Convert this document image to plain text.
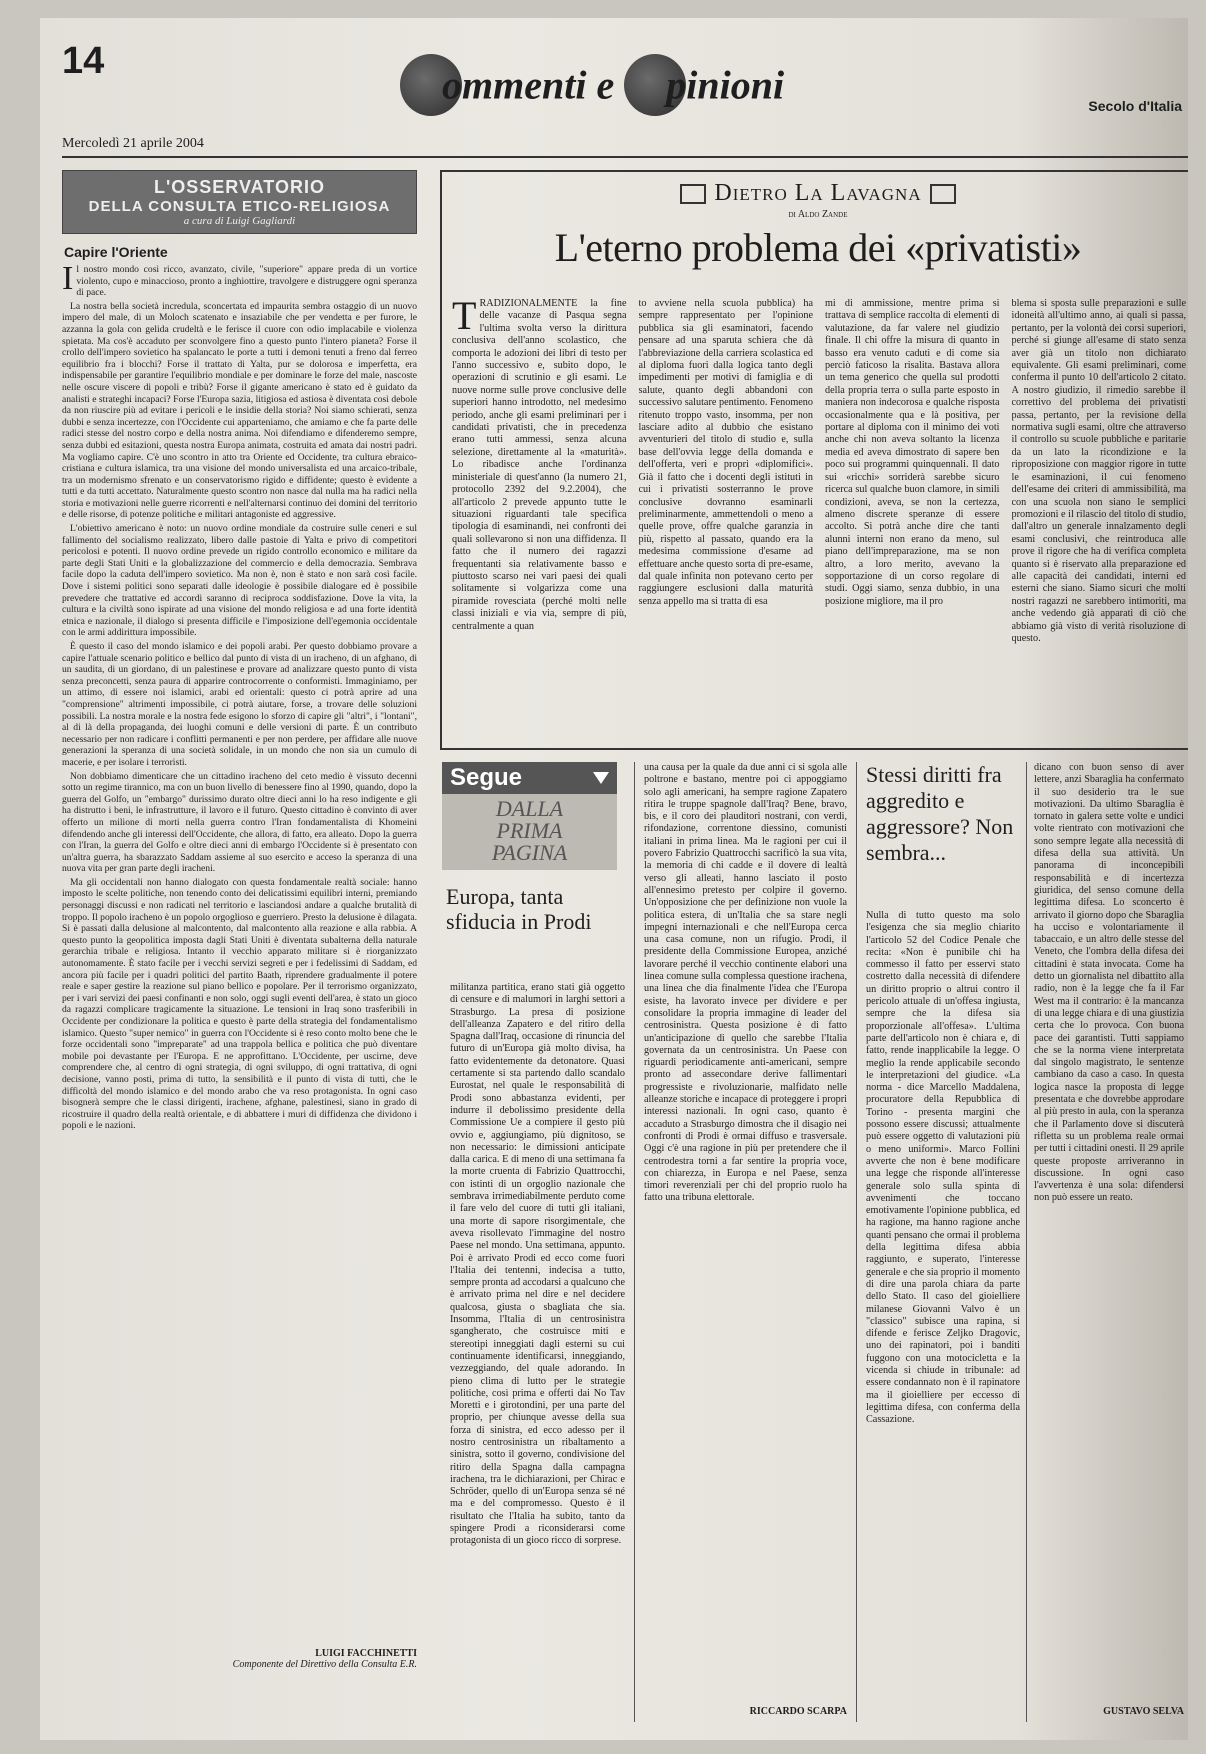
14
ommenti e pinioni
Mercoledì 21 aprile 2004
Secolo d'Italia
L'OSSERVATORIO
DELLA CONSULTA ETICO-RELIGIOSA
a cura di Luigi Gagliardi
Capire l'Oriente

Il nostro mondo così ricco, avanzato, civile, "superiore" appare preda di un vortice violento, cupo e minaccioso, pronto a inghiottire, travolgere e distruggere ogni speranza di pace.

La nostra bella società incredula, sconcertata ed impaurita sembra ostaggio di un nuovo impero del male, di un Moloch scatenato e insaziabile che per vendetta e per furore, le azzanna la gola con gelida crudeltà e le ferisce il cuore con odio implacabile e violenza spietata. Ma cos'è accaduto per sconvolgere fino a questo punto l'intero pianeta? Forse il crollo dell'impero sovietico ha spalancato le porte a tutti i demoni tenuti a freno dal ferreo equilibrio fra i blocchi? Forse il trattato di Yalta, pur se dolorosa e imperfetta, era indispensabile per garantire l'equilibrio mondiale e per dominare le forze del male, nascoste nelle oscure viscere di popoli e tribù? Forse il gigante americano è stato ed è guidato da analisti e strateghi incapaci? Forse l'Europa sazia, litigiosa ed astiosa è diventata così debole da non riuscire più ad evitare i pericoli e le insidie della storia? Noi siamo schierati, senza dubbi e senza incertezze, con l'Occidente cui apparteniamo, che amiamo e che fa parte delle radici stesse del nostro corpo e della nostra anima. Noi difendiamo e difenderemo sempre, senza dubbi ed esitazioni, questa nostra Europa animata, costruita ed amata dai nostri padri. Ma vogliamo capire. C'è uno scontro in atto tra Oriente ed Occidente, tra cultura ebraico-cristiana e cultura islamica, tra una visione del mondo universalista ed una arcaico-tribale, tra un modernismo sfrenato e un conservatorismo rigido e diffidente; questo è evidente a tutti e da tutti accettato. Naturalmente questo scontro non nasce dal nulla ma ha radici nella storia e motivazioni nelle guerre ricorrenti e nell'alternarsi continuo dei domini del territorio e delle risorse, di potenze politiche e militari antagoniste ed aggressive.

L'obiettivo americano è noto: un nuovo ordine mondiale da costruire sulle ceneri e sul fallimento del socialismo realizzato, libero dalle pastoie di Yalta e privo di competitori pericolosi e potenti. Il nuovo ordine prevede un rigido controllo economico e militare da parte degli Stati Uniti e la globalizzazione del commercio e della democrazia. Sembrava facile dopo la caduta dell'impero sovietico. Ma non è, non è stato e non sarà così facile. Dove i sistemi politici sono separati dalle ideologie è possibile dialogare ed è possibile prevedere che trattative ed accordi saranno di reciproca soddisfazione. Dove la vita, la cultura e la civiltà sono ispirate ad una visione del mondo religiosa e ad una forte identità etnica e nazionale, il dialogo si presenta difficile e l'imposizione dell'egemonia occidentale con le armi addirittura impossibile.

È questo il caso del mondo islamico e dei popoli arabi. Per questo dobbiamo provare a capire l'attuale scenario politico e bellico dal punto di vista di un iracheno, di un afghano, di un saudita, di un giordano, di un palestinese e provare ad analizzare questo punto di vista senza preconcetti, senza paura di apparire controcorrente o conformisti. Immaginiamo, per un attimo, di essere noi islamici, arabi ed orientali: questo ci potrà aprire ad una "comprensione" altrimenti impossibile, ci potrà aiutare, forse, a trovare delle soluzioni possibili. La nostra morale e la nostra fede esigono lo sforzo di capire gli "altri", i "lontani", al di là della propaganda, dei luoghi comuni e delle versioni di parte. È un contributo necessario per non radicare i conflitti permanenti e per non perdere, per affidare alle nuove generazioni la speranza di una società solidale, in un mondo che non sia un cumulo di macerie, e per isolare i terroristi.

Non dobbiamo dimenticare che un cittadino iracheno del ceto medio è vissuto decenni sotto un regime tirannico, ma con un buon livello di benessere fino al 1990, quando, dopo la guerra del Golfo, un "embargo" durissimo durato oltre dieci anni lo ha reso indigente e gli ha distrutto i beni, le infrastrutture, il lavoro e il futuro. Questo cittadino è convinto di aver offerto un milione di morti nella guerra contro l'Iran fondamentalista di Khomeini difendendo anche gli interessi dell'Occidente, che allora, di fatto, era alleato. Dopo la guerra con l'Iran, la guerra del Golfo e oltre dieci anni di embargo l'Occidente si è presentato con un'altra guerra, ha sbarazzato Saddam assieme al suo esercito e acceso la speranza di una nuova vita per gran parte degli iracheni.

Ma gli occidentali non hanno dialogato con questa fondamentale realtà sociale: hanno imposto le scelte politiche, non tenendo conto dei delicatissimi equilibri interni, premiando personaggi discussi e non radicati nel territorio e lasciandosi andare a qualche brutalità di troppo. Il popolo iracheno è un popolo orgoglioso e guerriero. Presto la delusione è dilagata. Si è passati dalla delusione al malcontento, dal malcontento alla reazione e alla rabbia. A questo punto la geopolitica imposta dagli Stati Uniti è diventata subalterna della naturale gerarchia tribale e religiosa. Intanto il vecchio apparato militare si è riorganizzato autonomamente. È stato facile per i vecchi servizi segreti e per i fedelissimi di Saddam, ed ancora più facile per i quadri politici del partito Baath, riprendere gradualmente il potere reale e saper gestire la reazione sul piano bellico e popolare. Per il terrorismo organizzato, per i vari servizi dei paesi confinanti e non solo, oggi sugli eventi dell'area, è stato un gioco da ragazzi complicare tragicamente la situazione. Le tensioni in Iraq sono trasferibili in Occidente per condizionare la politica e questo è parte della strategia del fondamentalismo islamico. Questo "super nemico" in guerra con l'Occidente si è reso conto molto bene che le forze occidentali sono "impreparate" ad una trappola bellica e politica che può diventare mobile poi devastante per l'Europa. E ne approfittano. L'Occidente, per uscirne, deve comprendere che, al centro di ogni strategia, di ogni sviluppo, di ogni trattativa, di ogni decisione, vanno posti, prima di tutto, la sensibilità e il punto di vista di tutti, che le difficoltà del mondo islamico e del mondo arabo che va reso protagonista. In ogni caso bisognerà sempre che le classi dirigenti, irachene, afghane, palestinesi, siano in grado di ricostruire il quadro della realtà orientale, e di abbattere i muri di diffidenza che dividono i popoli e le nazioni.

LUIGI FACCHINETTI
Componente del Direttivo della Consulta E.R.
Dietro La Lavagna
di Aldo Zande
L'eterno problema dei «privatisti»
TRADIZIONALMENTE la fine delle vacanze di Pasqua segna l'ultima svolta verso la dirittura conclusiva dell'anno scolastico, che comporta le adozioni dei libri di testo per l'anno successivo e, subito dopo, le operazioni di scrutinio e gli esami. Le nuove norme sulle prove conclusive delle superiori hanno introdotto, nel medesimo periodo, anche gli esami preliminari per i candidati privatisti, che in precedenza erano tutti ammessi, senza alcuna selezione, direttamente al la «maturità». Lo ribadisce anche l'ordinanza ministeriale di quest'anno (la numero 21, protocollo 2392 del 9.2.2004), che all'articolo 2 prevede appunto tutte le situazioni riguardanti tale specifica tipologia di esaminandi, nei confronti dei quali sollevarono sì non una diffidenza. Il fatto che il numero dei ragazzi frequentanti sia relativamente basso e piuttosto scarso nei vari paesi dei quali solitamente si volgarizza come una piramide rovesciata (perché molti nelle classi iniziali e via via, sempre di più, centralmente a quan
to avviene nella scuola pubblica) ha sempre rappresentato per l'opinione pubblica sia gli esaminatori, facendo pensare ad una sparuta schiera che dà l'abbreviazione della carriera scolastica ed al diploma fuori dalla logica tanto degli impedimenti per motivi di famiglia e di salute, quanto degli abbandoni con successivo salutare pentimento. Fenomeno ritenuto troppo vasto, insomma, per non lasciare adito al dubbio che esistano avventurieri del titolo di studio e, sulla base dell'ovvia legge della domanda e dell'offerta, veri e propri «diplomifici». Già il fatto che i docenti degli istituti in cui i privatisti sosterranno le prove conclusive dovranno esaminarli preliminarmente, ammettendoli o meno a quelle prove, offre qualche garanzia in più, rispetto al passato, quando era la medesima commissione d'esame ad effettuare anche questo sorta di pre-esame, dal quale infinita non potevano certo per raggiungere esclusioni dalla maturità senza appello ma si tratta di esa
mi di ammissione, mentre prima si trattava di semplice raccolta di elementi di valutazione, da far valere nel giudizio finale. Il chi offre la misura di quanto in basso era venuto cadutì e di come sia perciò faticoso la risalita. Bastava allora un tema generico che quella sul prodotti della propria terra o sulla parte esposto in maniera non indecorosa e qualche risposta occasionalmente qua e là positiva, per portare al diploma con il minimo dei voti anche chi non aveva soltanto la licenza media ed aveva dimostrato di sapere ben poco sui programmi quinquennali. Il dato sui «ricchi» sorriderà sarebbe sicuro ricerca sul qualche buon clamore, in simili condizioni, aveva, se non la certezza, almeno discrete speranze di essere accolto. Si potrà anche dire che tanti alunni interni non erano da meno, sul piano dell'impreparazione, ma se non altro, a loro merito, avevano la sopportazione di un corso regolare di studi. Oggi siamo, senza dubbio, in una posizione migliore, ma il pro
blema si sposta sulle preparazioni e sulle idoneità all'ultimo anno, ai quali si passa, pertanto, per la volontà dei corsi superiori, perché si giunge all'esame di stato senza aver già un titolo non dichiarato equivalente. Gli esami preliminari, come conferma il punto 10 dell'articolo 2 citato. A nostro giudizio, il rimedio sarebbe il correttivo del problema dei privatisti passa, pertanto, per la revisione della normativa sugli esami, oltre che attraverso il controllo su scuole pubbliche e paritarie da un lato la ricondizione e la riproposizione con maggior rigore in tutte le esaminazioni, il cui fenomeno dell'esame dei criteri di ammissibilità, ma con una scuola non siano le semplici promozioni e il rilascio del titolo di studio, dall'altro un generale innalzamento degli esami conclusivi, che reintroduca alle prove il rigore che ha di verifica completa quanto si è riservato alla preparazione ed alle capacità dei candidati, interni ed esterni che siano. Siamo sicuri che molti nostri ragazzi ne sarebbero intimoriti, ma anche vedendo già apparati di ciò che abbiamo già visto di verità risoluzione di questo.
Segue
DALLA
PRIMA
PAGINA
Europa, tanta sfiducia in Prodi
militanza partitica, erano stati già oggetto di censure e di malumori in larghi settori a Strasburgo. La presa di posizione dell'alleanza Zapatero e del ritiro della Spagna dall'Iraq, occasione di rinuncia del futuro di un'Europa già molto divisa, ha fatto evidentemente da detonatore. Quasi certamente si sta partendo dallo scandalo Eurostat, nel quale le responsabilità di Prodi sono abbastanza evidenti, per indurre il debolissimo presidente della Commissione Ue a compiere il gesto più ovvio e, aggiungiamo, più dignitoso, se non necessario: le dimissioni anticipate dalla carica. E di meno di una settimana fa la morte cruenta di Fabrizio Quattrocchi, con istinti di un orgoglio nazionale che sembrava irrimediabilmente perduto come il fare velo del cuore di tutti gli italiani, una morte di sapore risorgimentale, che aveva risollevato l'immagine del nostro Paese nel mondo. Una settimana, appunto. Poi è arrivato Prodi ed ecco come fuori l'Italia dei tentenni, indecisa a tutto, sempre pronta ad accodarsi a qualcuno che è arrivato prima nel dire e nel decidere qualcosa, giusta o sbagliata che sia. Insomma, l'Italia di un centrosinistra sgangherato, che costruisce miti e stereotipi inneggiati dagli esterni su cui continuamente identificarsi, inneggiando, vezzeggiando, del quale adorando. In pieno clima di lutto per le strategie politiche, così prima e offerti dai No Tav Moretti e i girotondini, per una parte del proprio, per chiunque avesse della sua forza di sinistra, ed ecco adesso per il nostro centrosinistra un ribaltamento a sinistra, sotto il governo, condivisione del ritiro della Spagna dalla campagna irachena, tra le dichiarazioni, per Chirac e Schröder, quello di un'Europa senza sé né ma e del compromesso. Questo è il risultato che l'Italia ha subìto, tanto da spingere Prodi a riconsiderarsi come protagonista di un gioco ricco di sorprese.
una causa per la quale da due anni ci si sgola alle poltrone e bastano, mentre poi ci appoggiamo solo agli americani, ha sempre ragione Zapatero ritira le truppe spagnole dall'Iraq? Bene, bravo, bis, e il coro dei plauditori nostrani, con verdi, rifondazione, correntone diessino, comunisti italiani in prima linea. Ma le ragioni per cui il povero Fabrizio Quattrocchi sacrificò la sua vita, la memoria di chi cadde e il dovere di lealtà verso gli alleati, hanno lasciato il posto all'ennesimo pretesto per colpire il governo. Un'opposizione che per definizione non vuole la politica estera, di un'Italia che sa stare negli impegni internazionali e che nell'Europa cerca una casa comune, non un rifugio. Prodi, il presidente della Commissione Europea, anziché lavorare perché il vecchio continente elabori una linea comune sulla complessa questione irachena, una linea che dia finalmente l'idea che l'Europa esiste, ha lavorato invece per dividere e per consolidare la propria immagine di leader del centrosinistra. Questa posizione è di fatto un'anticipazione di quello che sarebbe l'Italia governata da un centrosinistra. Un Paese con riguardi periodicamente anti-americani, sempre pronto ad assecondare derive fallimentari progressiste e rivoluzionarie, malfidato nelle alleanze storiche e incapace di proteggere i propri interessi nazionali. In ogni caso, quanto è accaduto a Strasburgo dimostra che il disagio nei confronti di Prodi è ormai diffuso e trasversale. Oggi c'è una ragione in più per pretendere che il centrodestra torni a far sentire la propria voce, con chiarezza, in Europa e nel Paese, senza timori reverenziali per chi del proprio ruolo ha fatto una tribuna elettorale.
RICCARDO SCARPA
Stessi diritti fra aggredito e aggressore? Non sembra...
Nulla di tutto questo ma solo l'esigenza che sia meglio chiarito l'articolo 52 del Codice Penale che recita: «Non è punibile chi ha commesso il fatto per esservi stato costretto dalla necessità di difendere un diritto proprio o altrui contro il pericolo attuale di un'offesa ingiusta, sempre che la difesa sia proporzionale all'offesa». L'ultima parte dell'articolo non è chiara e, di fatto, rende inapplicabile la legge. O meglio la rende applicabile secondo le interpretazioni del giudice. «La norma - dice Marcello Maddalena, procuratore della Repubblica di Torino - presenta margini che possono essere discussi; attualmente può essere oggetto di valutazioni più o meno uniformi». Marco Follini avverte che non è bene modificare una legge che risponde all'interesse generale solo sulla spinta di avvenimenti che toccano emotivamente l'opinione pubblica, ed ha ragione, ma hanno ragione anche quanti pensano che ormai il problema della legittima difesa abbia raggiunto, e superato, l'interesse generale e che sia proprio il momento di dire una parola chiara da parte dello Stato. Il caso del gioielliere milanese Giovanni Valvo è un "classico" subisce una rapina, si difende e ferisce Zeljko Dragovic, uno dei rapinatori, poi i banditi fuggono con una motocicletta e la vicenda si chiude in tribunale: ad essere condannato non è il rapinatore ma il gioielliere per eccesso di legittima difesa, con conferma della Cassazione.
dicano con buon senso di aver lettere, anzi Sbaraglia ha confermato il suo desiderio tra le sue motivazioni. Da ultimo Sbaraglia è tornato in galera sette volte e undici volte rientrato con motivazioni che sono sempre legate alla necessità di difesa della sua attività. Un panorama di inconcepibili responsabilità e di incertezza giuridica, del senso comune della legittima difesa. Lo sconcerto è arrivato il giorno dopo che Sbaraglia ha ucciso e volontariamente il tabaccaio, e un altro delle stesse del Veneto, che l'ombra della difesa dei cittadini è stata invocata. Come ha detto un giornalista nel dibattito alla radio, non è la legge che fa il Far West ma il contrario: è la mancanza di una legge chiara e di una giustizia certa che lo provoca. Con buona pace dei garantisti. Tutti sappiamo che se la norma viene interpretata dal singolo magistrato, le sentenze cambiano da caso a caso. In questa logica nasce la proposta di legge presentata e che dovrebbe approdare al più presto in aula, con la speranza che il Parlamento dove si discuterà rifletta su un problema reale ormai per tutti i cittadini onesti. Il 29 aprile queste proposte arriveranno in discussione. In ogni caso l'avvertenza è una sola: difendersi non può essere un reato.
GUSTAVO SELVA
